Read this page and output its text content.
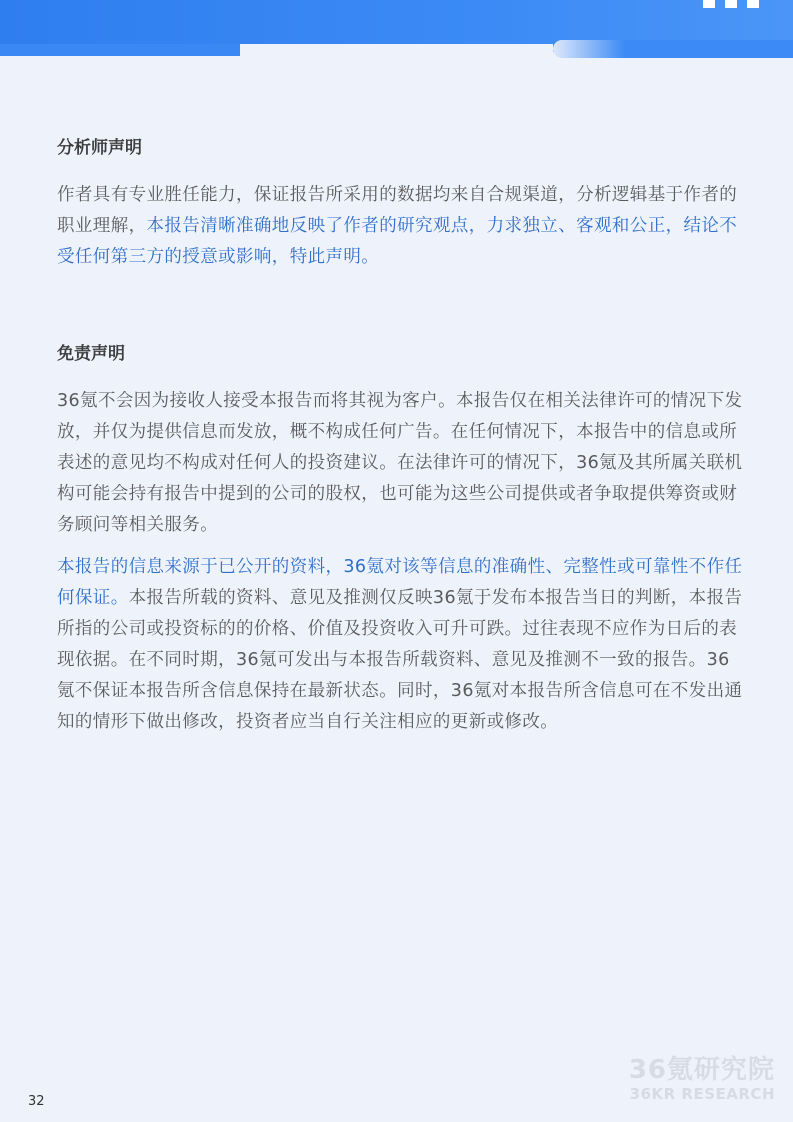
分析师声明

作者具有专业胜任能力，保证报告所采用的数据均来自合规渠道，分析逻辑基于作者的职业理解，本报告清晰准确地反映了作者的研究观点，力求独立、客观和公正，结论不受任何第三方的授意或影响，特此声明。

免责声明

36氪不会因为接收人接受本报告而将其视为客户。本报告仅在相关法律许可的情况下发放，并仅为提供信息而发放，概不构成任何广告。在任何情况下，本报告中的信息或所表述的意见均不构成对任何人的投资建议。在法律许可的情况下，36氪及其所属关联机构可能会持有报告中提到的公司的股权，也可能为这些公司提供或者争取提供筹资或财务顾问等相关服务。

本报告的信息来源于已公开的资料，36氪对该等信息的准确性、完整性或可靠性不作任何保证。本报告所载的资料、意见及推测仅反映36氪于发布本报告当日的判断，本报告所指的公司或投资标的的价格、价值及投资收入可升可跌。过往表现不应作为日后的表现依据。在不同时期，36氪可发出与本报告所载资料、意见及推测不一致的报告。36氪不保证本报告所含信息保持在最新状态。同时，36氪对本报告所含信息可在不发出通知的情形下做出修改，投资者应当自行关注相应的更新或修改。

36氪研究院
36KR RESEARCH
32
